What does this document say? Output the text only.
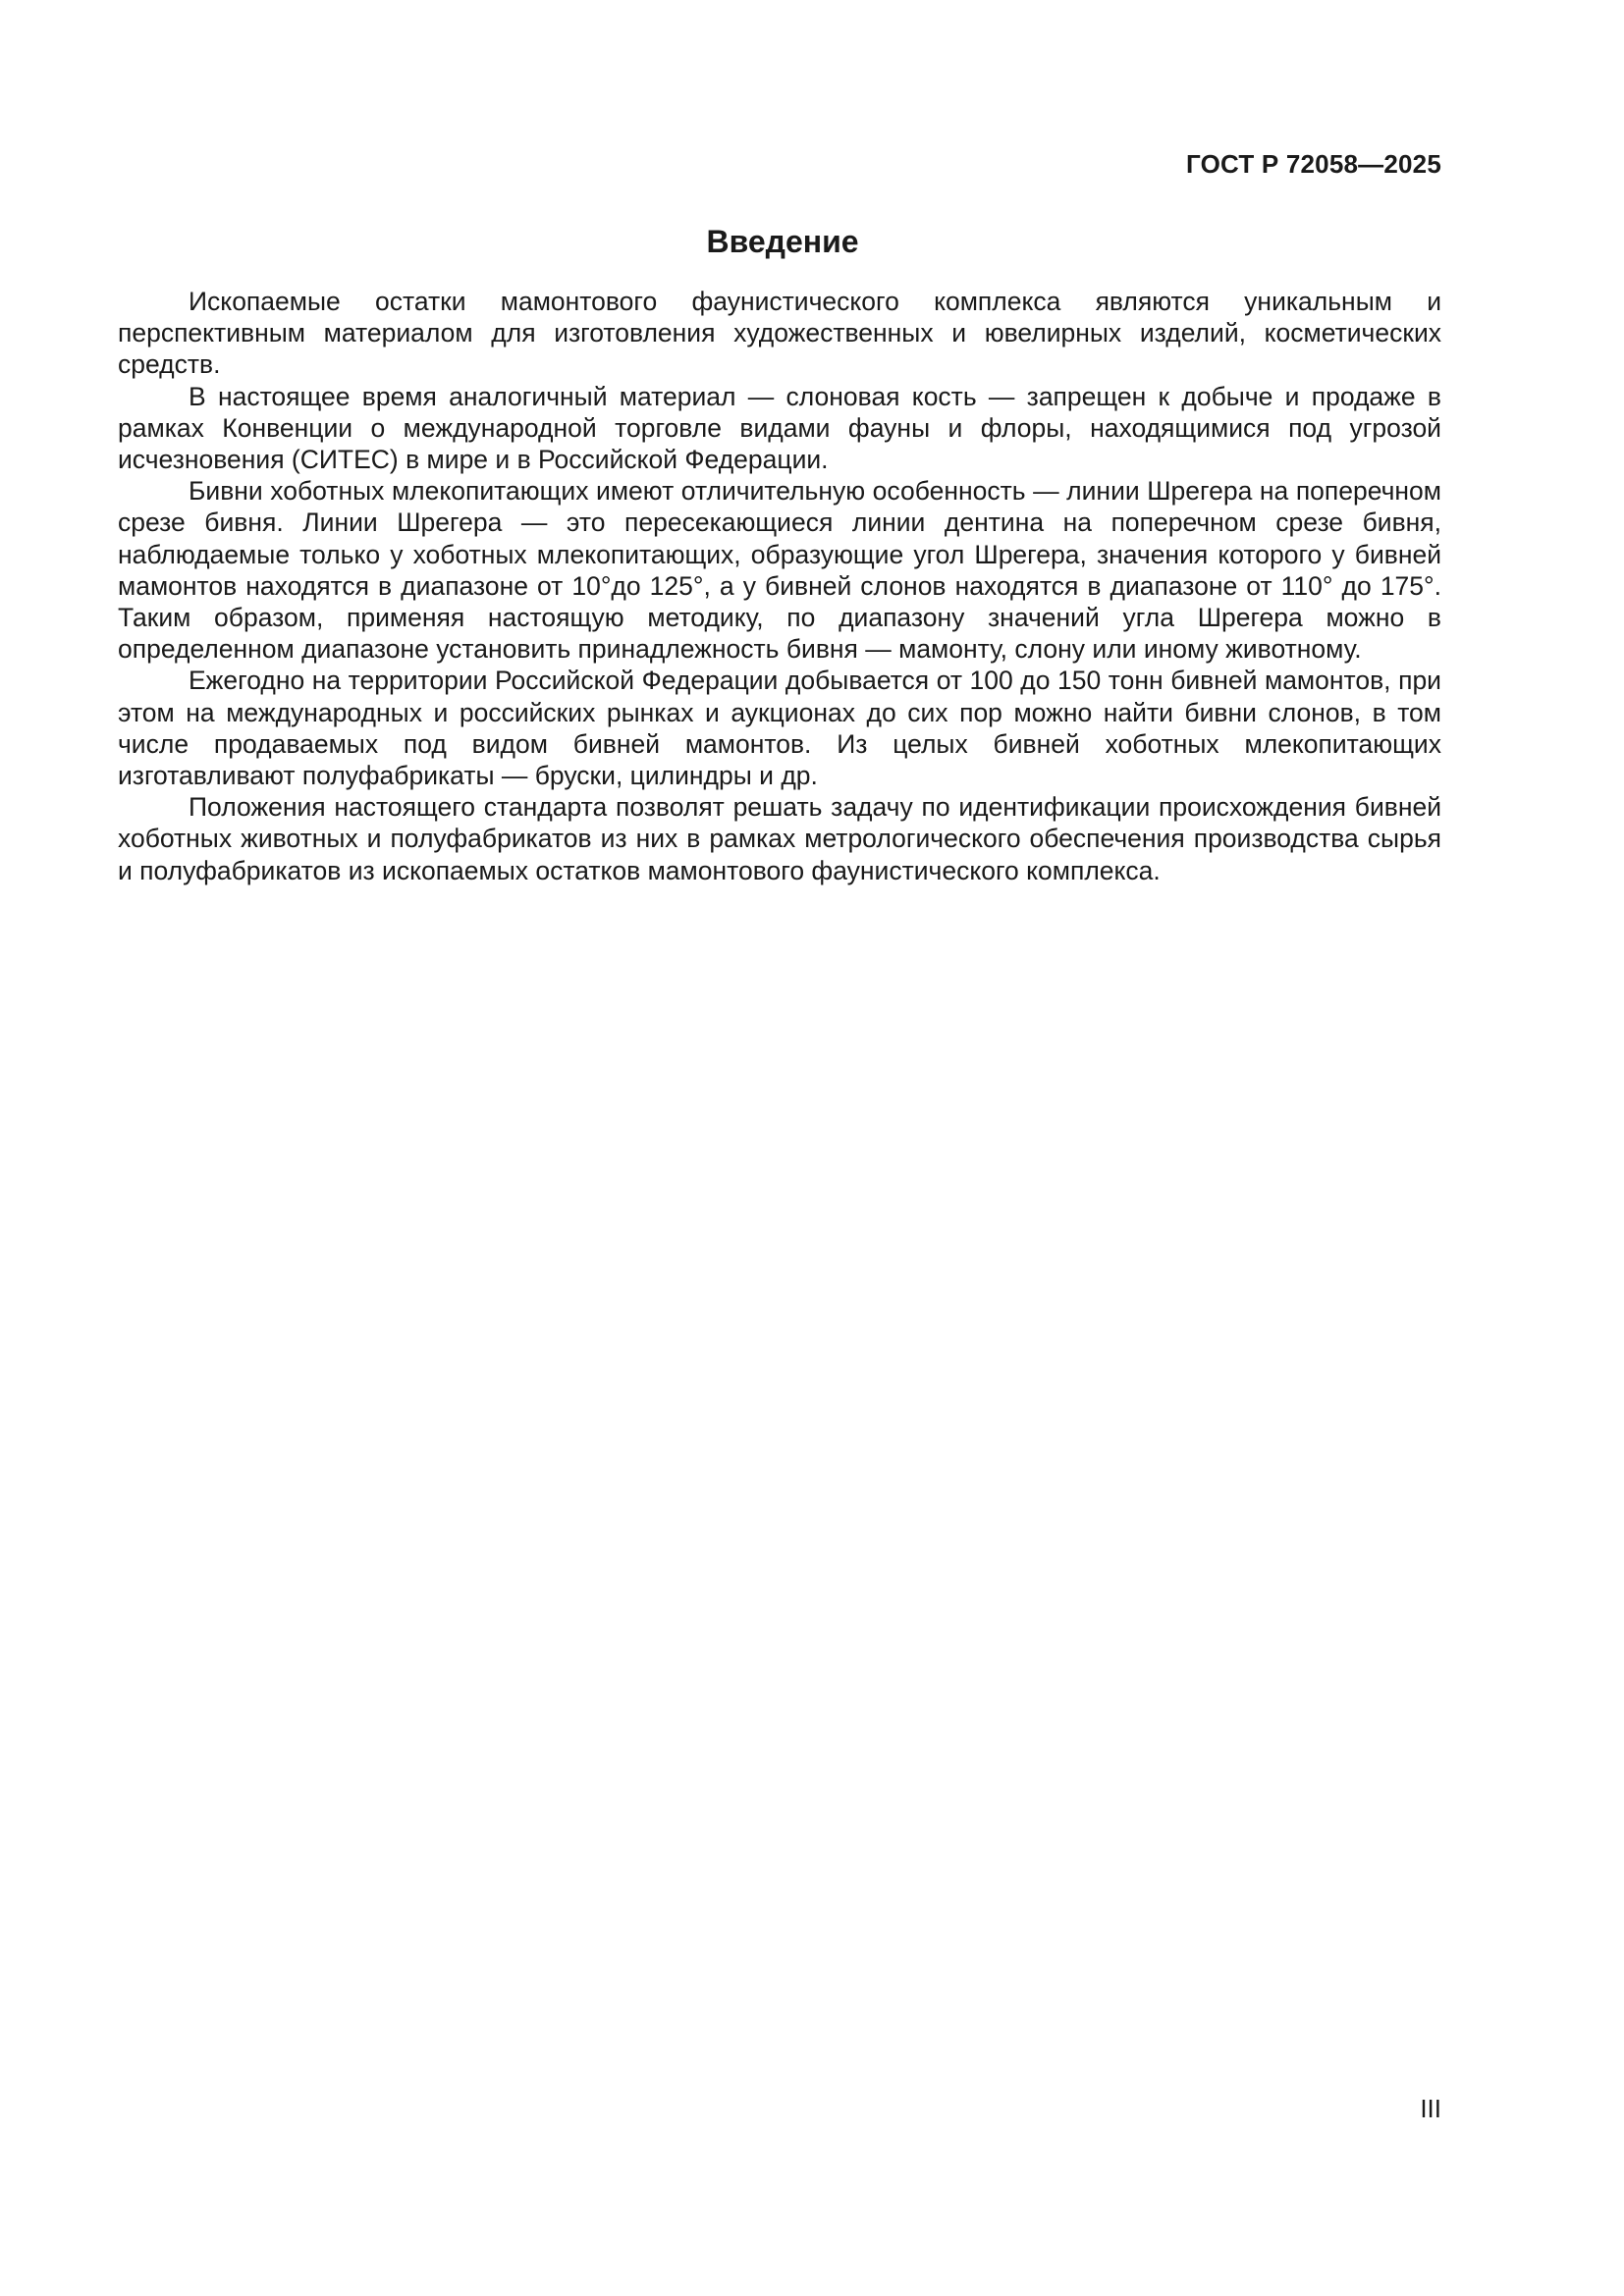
ГОСТ Р 72058—2025
Введение

Ископаемые остатки мамонтового фаунистического комплекса являются уникальным и перспективным материалом для изготовления художественных и ювелирных изделий, косметических средств.

В настоящее время аналогичный материал — слоновая кость — запрещен к добыче и продаже в рамках Конвенции о международной торговле видами фауны и флоры, находящимися под угрозой исчезновения (СИТЕС) в мире и в Российской Федерации.

Бивни хоботных млекопитающих имеют отличительную особенность — линии Шрегера на поперечном срезе бивня. Линии Шрегера — это пересекающиеся линии дентина на поперечном срезе бивня, наблюдаемые только у хоботных млекопитающих, образующие угол Шрегера, значения которого у бивней мамонтов находятся в диапазоне от 10°до 125°, а у бивней слонов находятся в диапазоне от 110° до 175°. Таким образом, применяя настоящую методику, по диапазону значений угла Шрегера можно в определенном диапазоне установить принадлежность бивня — мамонту, слону или иному животному.

Ежегодно на территории Российской Федерации добывается от 100 до 150 тонн бивней мамонтов, при этом на международных и российских рынках и аукционах до сих пор можно найти бивни слонов, в том числе продаваемых под видом бивней мамонтов. Из целых бивней хоботных млекопитающих изготавливают полуфабрикаты — бруски, цилиндры и др.

Положения настоящего стандарта позволят решать задачу по идентификации происхождения бивней хоботных животных и полуфабрикатов из них в рамках метрологического обеспечения производства сырья и полуфабрикатов из ископаемых остатков мамонтового фаунистического комплекса.

III
